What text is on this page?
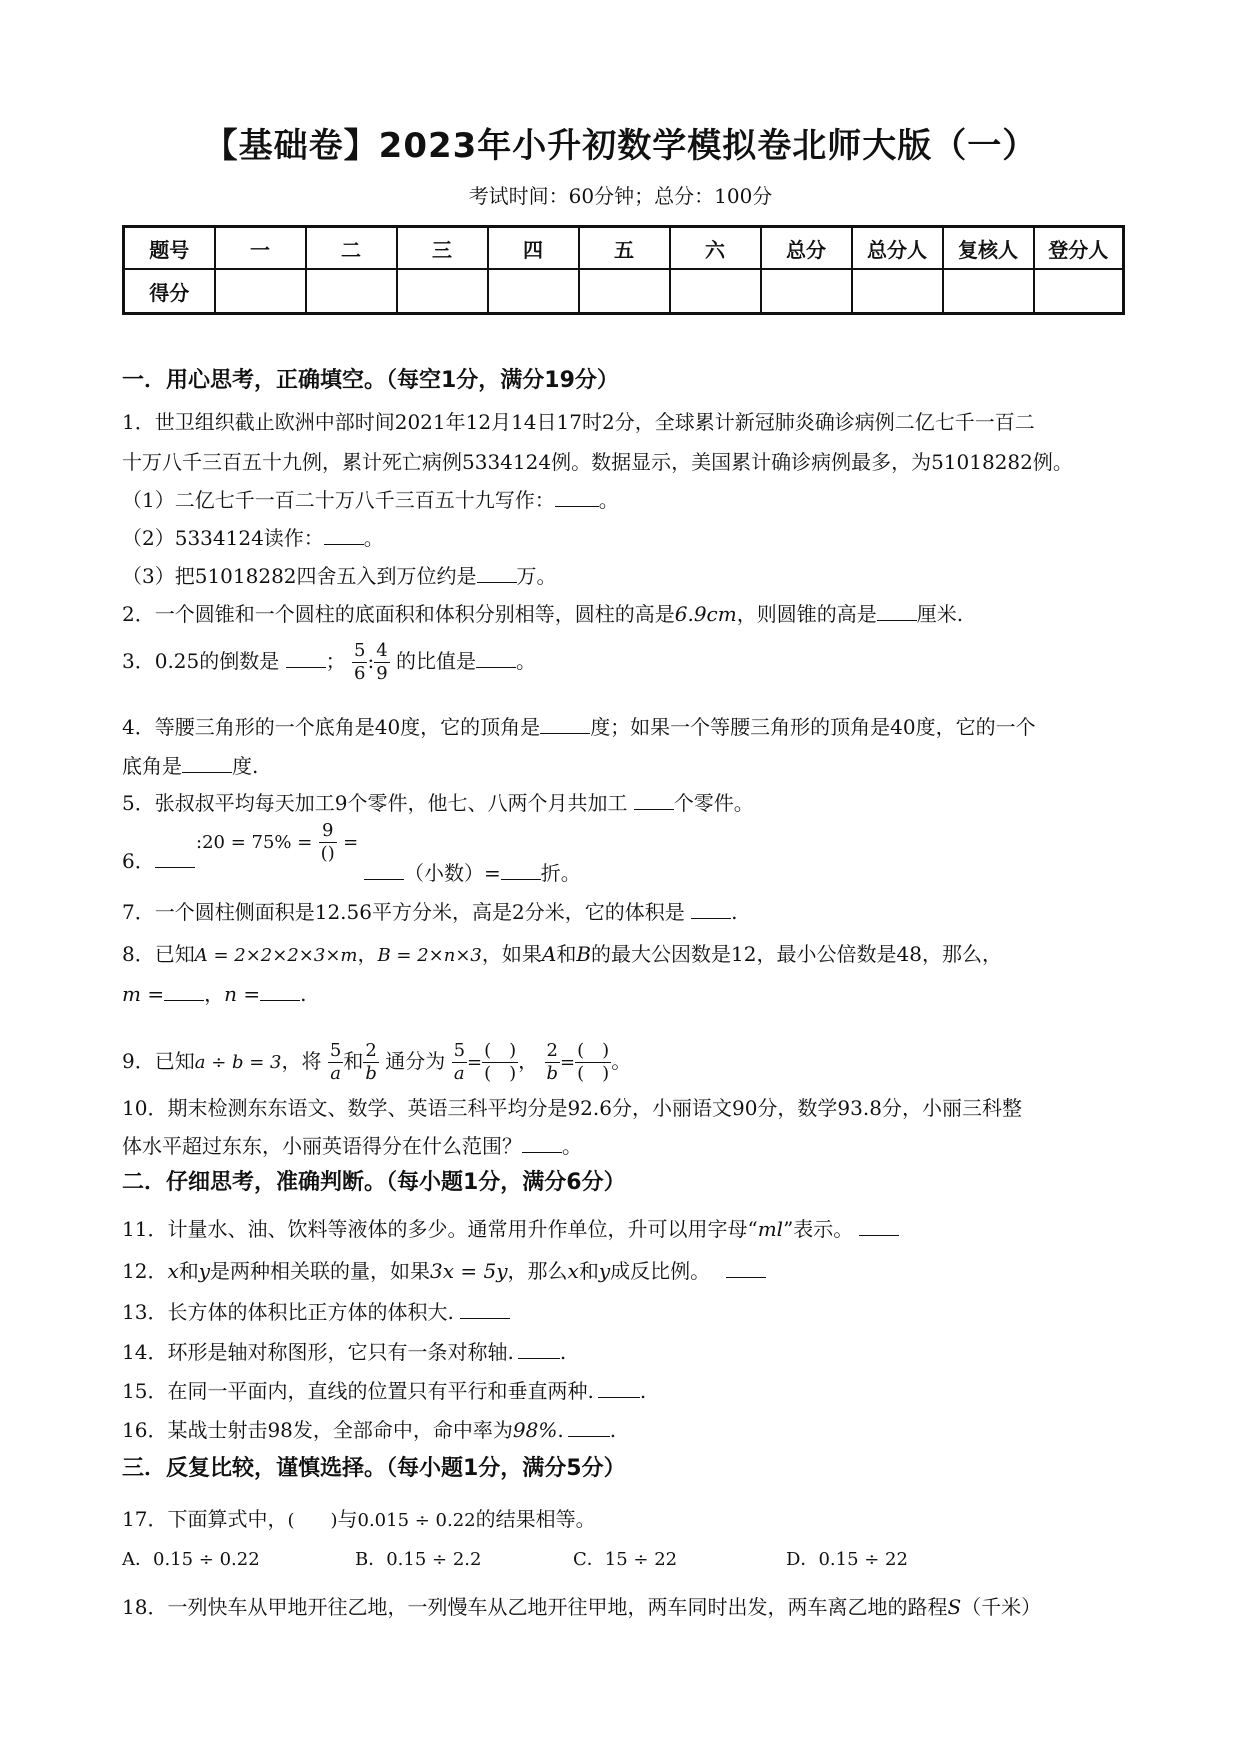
【基础卷】2023年小升初数学模拟卷北师大版（一）
考试时间：60分钟；总分：100分
题号	一	二	三	四	五	六	总分	总分人	复核人	登分人
得分										
一．用心思考，正确填空。（每空1分，满分19分）
1．世卫组织截止欧洲中部时间2021年12月14日17时2分，全球累计新冠肺炎确诊病例二亿七千一百二
十万八千三百五十九例，累计死亡病例5334124例。数据显示，美国累计确诊病例最多，为51018282例。
（1）二亿七千一百二十万八千三百五十九写作： 。
（2）5334124读作： 。
（3）把51018282四舍五入到万位约是 万。
2．一个圆锥和一个圆柱的底面积和体积分别相等，圆柱的高是6.9cm，则圆锥的高是 厘米.
3．0.25的倒数是 ； $\frac{5}{6}$ : $\frac{4}{9}$ 的比值是 。
4．等腰三角形的一个底角是40度，它的顶角是	度；如果一个等腰三角形的顶角是40度，它的一个
底角是	度.
5．张叔叔平均每天加工9个零件，他七、八两个月共加工 个零件。
6．
:20 = $75\% = \frac{9}{()}$ =
（小数）= 折。
7．一个圆柱侧面积是12.56平方分米，高是2分米，它的体积是 .
8．已知A = 2×2×2×3×m，B = 2×n×3，如果A和B的最大公因数是12，最小公倍数是48，那么，
m = ，n = .
9．已知a ÷ b = 3，将 $\frac{5}{a}$ 和 $\frac{2}{b}$ 通分为 $\frac{5}{a} = \frac{( )}{( )}$ ， $\frac{2}{b} = \frac{( )}{( )}$ 。
10．期末检测东东语文、数学、英语三科平均分是92.6分，小丽语文90分，数学93.8分，小丽三科整
体水平超过东东，小丽英语得分在什么范围？ 。
二．仔细思考，准确判断。（每小题1分，满分6分）
11．计量水、油、饮料等液体的多少。通常用升作单位，升可以用字母“ml”表示。
12．x和y是两种相关联的量，如果3x = 5y，那么x和y成反比例。
13．长方体的体积比正方体的体积大.
14．环形是轴对称图形，它只有一条对称轴. .
15．在同一平面内，直线的位置只有平行和垂直两种. .
16．某战士射击98发，全部命中，命中率为98%. .
三．反复比较，谨慎选择。（每小题1分，满分5分）
17．下面算式中，(　　)与0.015 ÷ 0.22的结果相等。
A．0.15 ÷ 0.22	B．0.15 ÷ 2.2	C．15 ÷ 22	D．0.15 ÷ 22
18．一列快车从甲地开往乙地，一列慢车从乙地开往甲地，两车同时出发，两车离乙地的路程S（千米）
